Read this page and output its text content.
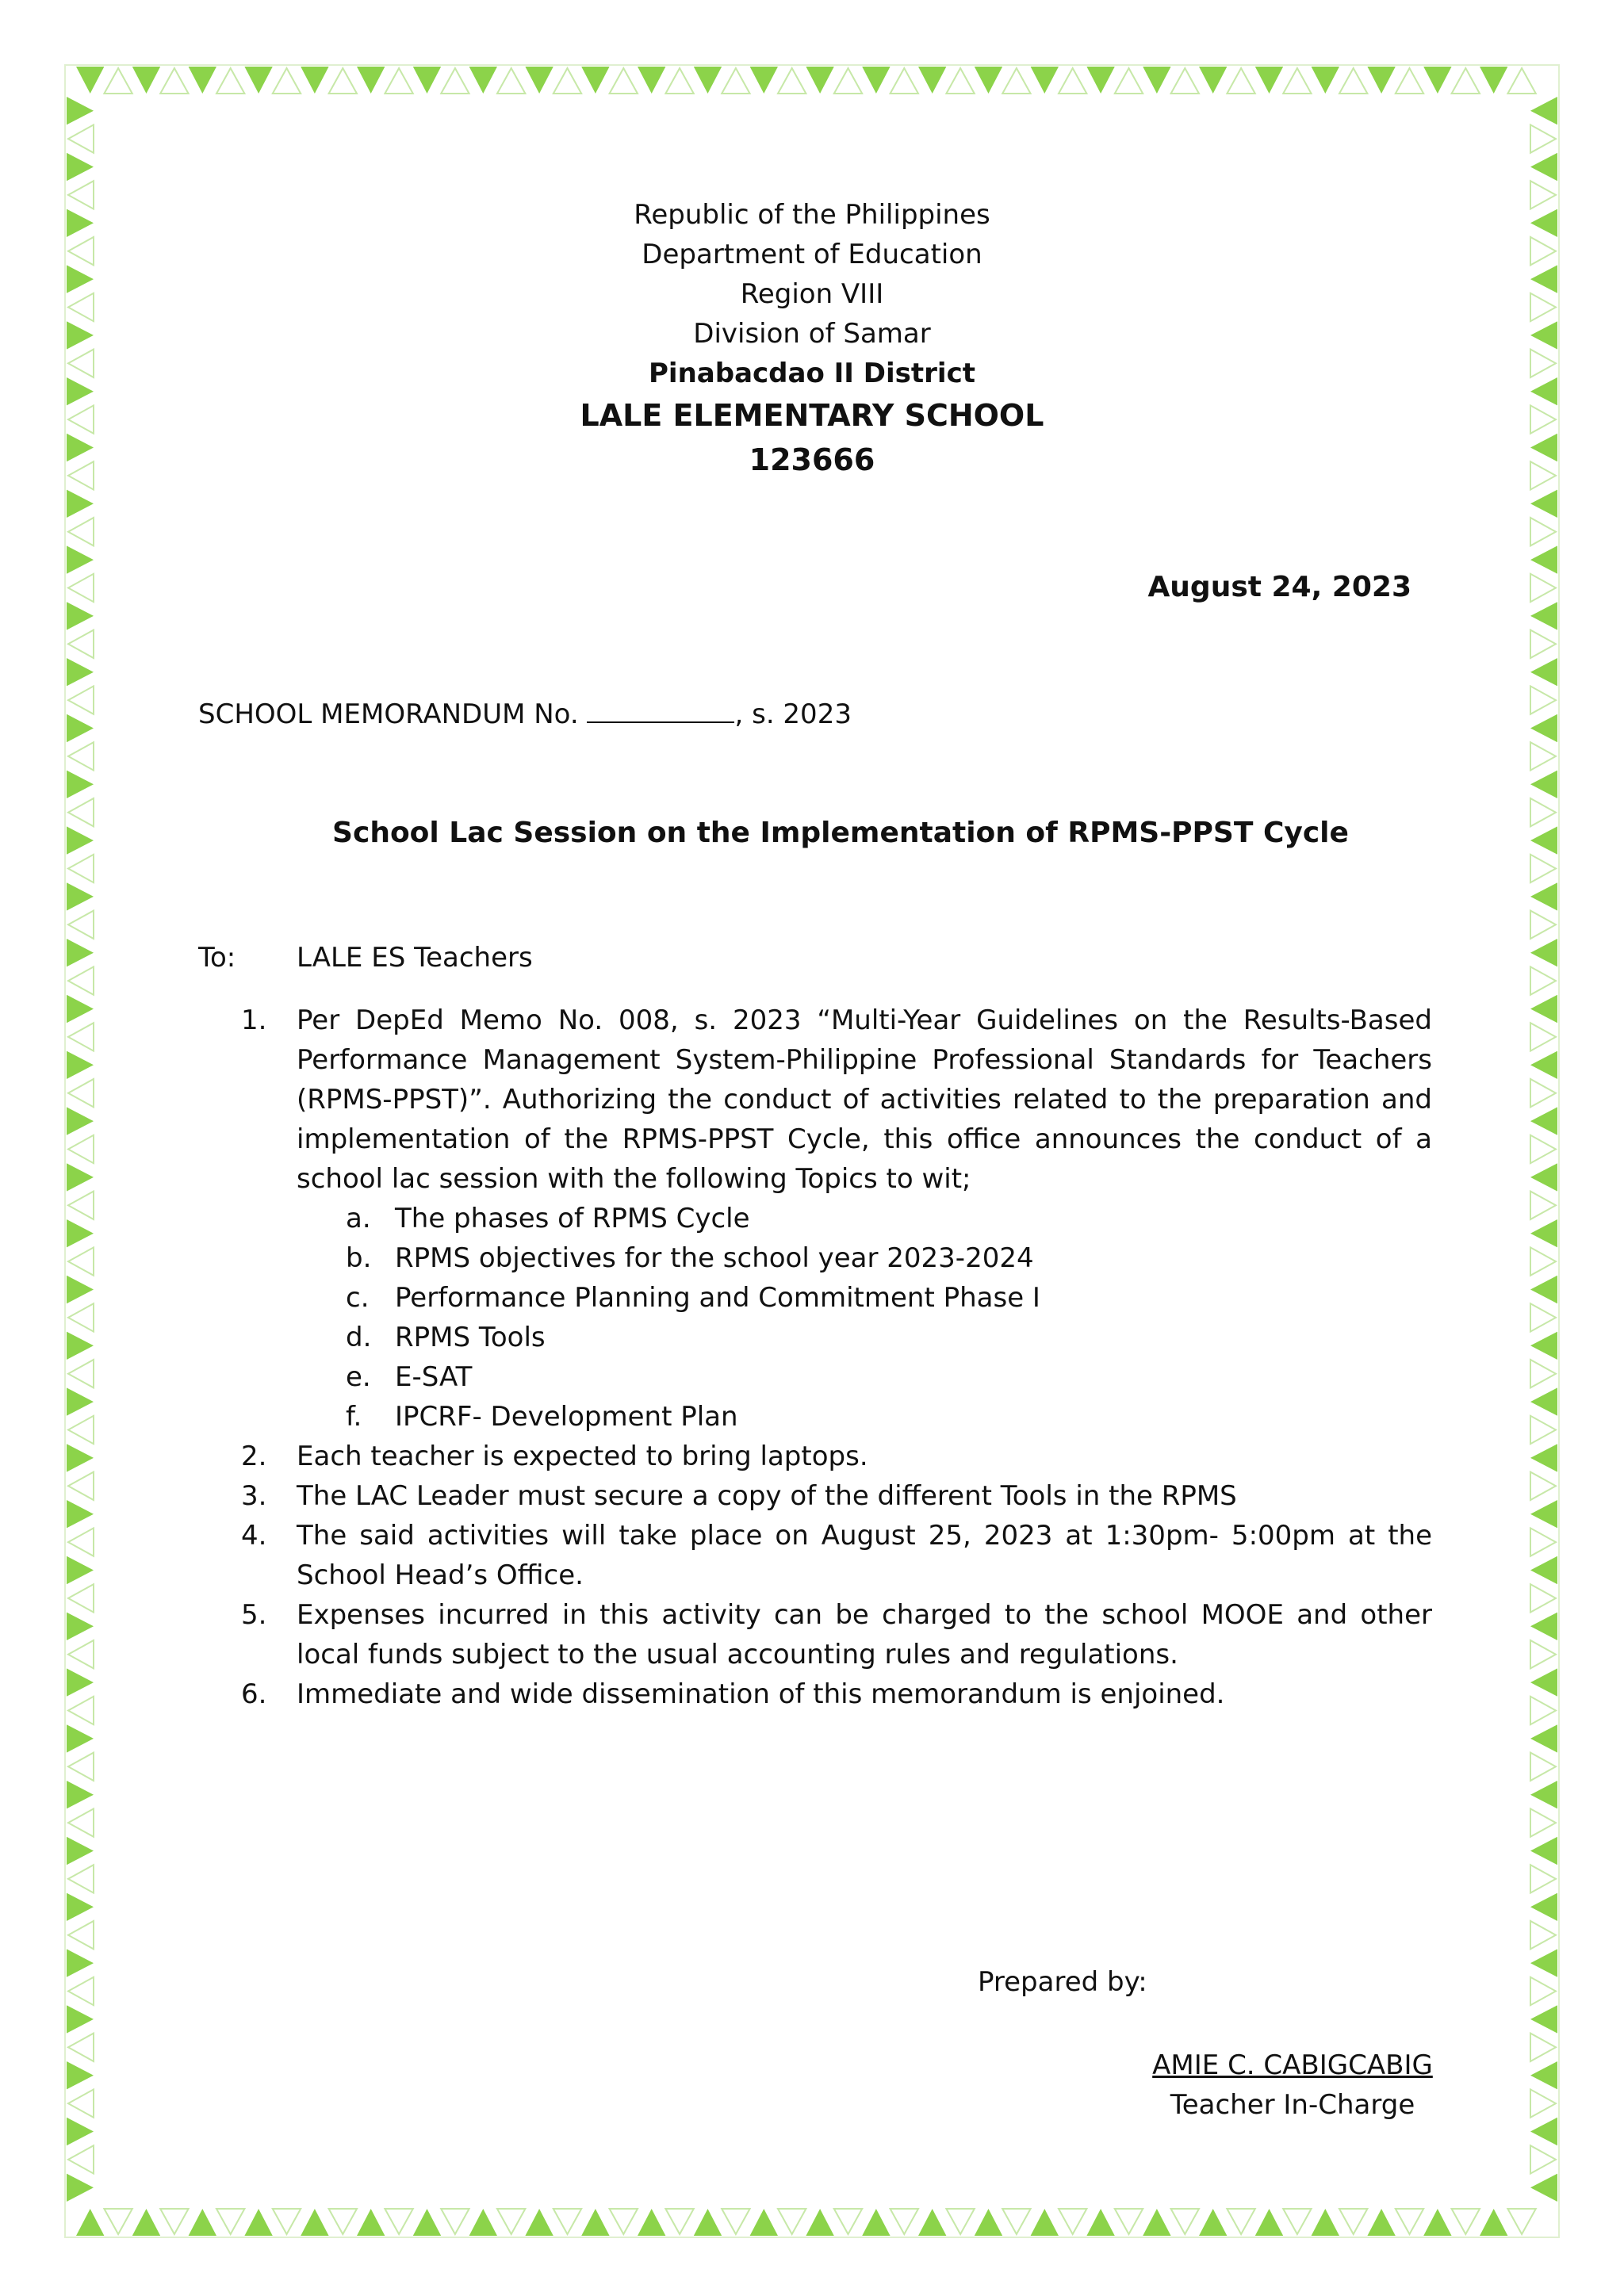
Republic of the Philippines
Department of Education
Region VIII
Division of Samar
Pinabacdao II District
LALE ELEMENTARY SCHOOL
123666
August 24, 2023
SCHOOL MEMORANDUM No.	, s. 2023
School Lac Session on the Implementation of RPMS-PPST Cycle
To: LALE ES Teachers
1.	Per DepEd Memo No. 008, s. 2023 “Multi-Year Guidelines on the Results-Based Performance Management System-Philippine Professional Standards for Teachers (RPMS-PPST)”. Authorizing the conduct of activities related to the preparation and implementation of the RPMS-PPST Cycle, this office announces the conduct of a school lac session with the following Topics to wit;
a. The phases of RPMS Cycle
b. RPMS objectives for the school year 2023-2024
c. Performance Planning and Commitment Phase I
d. RPMS Tools
e. E-SAT
f. IPCRF- Development Plan
2.	Each teacher is expected to bring laptops.
3.	The LAC Leader must secure a copy of the different Tools in the RPMS
4.	The said activities will take place on August 25, 2023 at 1:30pm- 5:00pm at the School Head’s Office.
5.	Expenses incurred in this activity can be charged to the school MOOE and other local funds subject to the usual accounting rules and regulations.
6.	Immediate and wide dissemination of this memorandum is enjoined.
Prepared by:
AMIE C. CABIGCABIG
Teacher In-Charge
